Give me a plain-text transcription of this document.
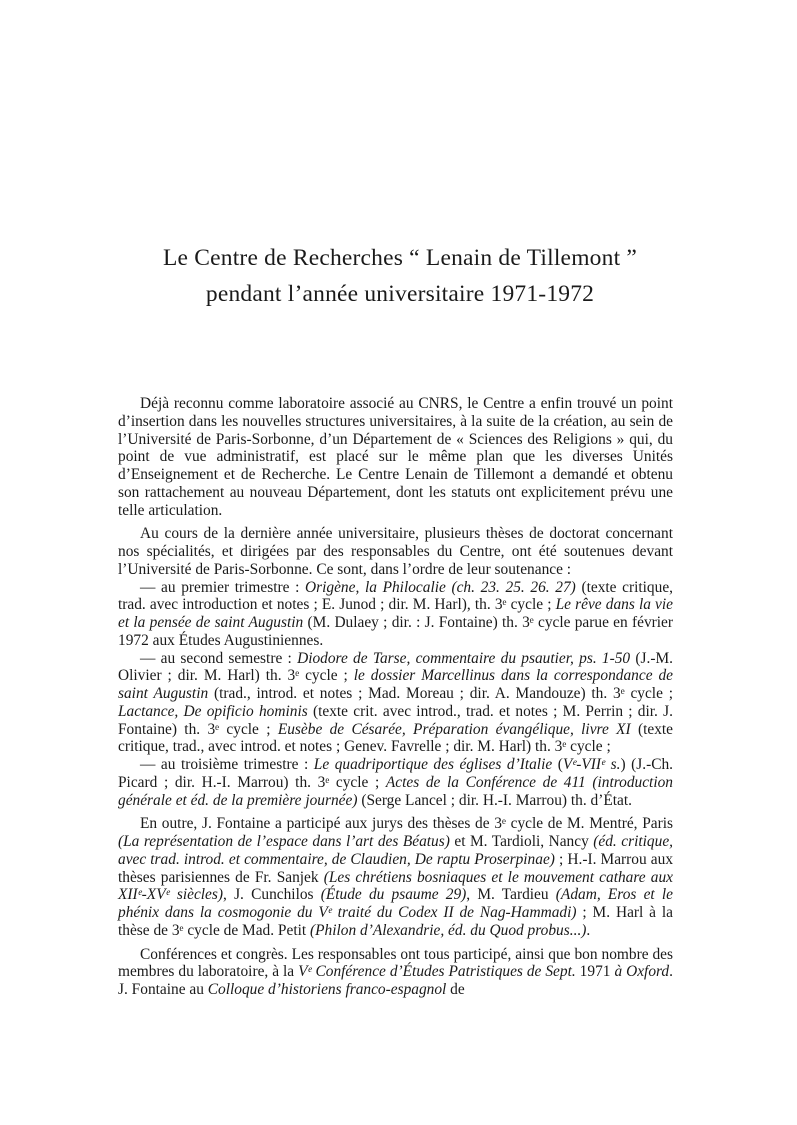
Le Centre de Recherches “ Lenain de Tillemont ”
pendant l’année universitaire 1971-1972

Déjà reconnu comme laboratoire associé au CNRS, le Centre a enfin trouvé un point d’insertion dans les nouvelles structures universitaires, à la suite de la création, au sein de l’Université de Paris-Sorbonne, d’un Département de « Sciences des Religions » qui, du point de vue administratif, est placé sur le même plan que les diverses Unités d’Enseignement et de Recherche. Le Centre Lenain de Tillemont a demandé et obtenu son rattachement au nouveau Département, dont les statuts ont explicitement prévu une telle articulation.

Au cours de la dernière année universitaire, plusieurs thèses de doctorat concernant nos spécialités, et dirigées par des responsables du Centre, ont été soutenues devant l’Université de Paris-Sorbonne. Ce sont, dans l’ordre de leur soutenance :

— au premier trimestre : Origène, la Philocalie (ch. 23. 25. 26. 27) (texte critique, trad. avec introduction et notes ; E. Junod ; dir. M. Harl), th. 3ᵉ cycle ; Le rêve dans la vie et la pensée de saint Augustin (M. Dulaey ; dir. : J. Fontaine) th. 3ᵉ cycle parue en février 1972 aux Études Augustiniennes.

— au second semestre : Diodore de Tarse, commentaire du psautier, ps. 1-50 (J.-M. Olivier ; dir. M. Harl) th. 3ᵉ cycle ; le dossier Marcellinus dans la correspondance de saint Augustin (trad., introd. et notes ; Mad. Moreau ; dir. A. Mandouze) th. 3ᵉ cycle ; Lactance, De opificio hominis (texte crit. avec introd., trad. et notes ; M. Perrin ; dir. J. Fontaine) th. 3ᵉ cycle ; Eusèbe de Césarée, Préparation évangélique, livre XI (texte critique, trad., avec introd. et notes ; Genev. Favrelle ; dir. M. Harl) th. 3ᵉ cycle ;

— au troisième trimestre : Le quadriportique des églises d’Italie (Vᵉ-VIIᵉ s.) (J.-Ch. Picard ; dir. H.-I. Marrou) th. 3ᵉ cycle ; Actes de la Conférence de 411 (introduction générale et éd. de la première journée) (Serge Lancel ; dir. H.-I. Marrou) th. d’État.

En outre, J. Fontaine a participé aux jurys des thèses de 3ᵉ cycle de M. Mentré, Paris (La représentation de l’espace dans l’art des Béatus) et M. Tardioli, Nancy (éd. critique, avec trad. introd. et commentaire, de Claudien, De raptu Proserpinae) ; H.-I. Marrou aux thèses parisiennes de Fr. Sanjek (Les chrétiens bosniaques et le mouvement cathare aux XIIᵉ-XVᵉ siècles), J. Cunchilos (Étude du psaume 29), M. Tardieu (Adam, Eros et le phénix dans la cosmogonie du Vᵉ traité du Codex II de Nag-Hammadi) ; M. Harl à la thèse de 3ᵉ cycle de Mad. Petit (Philon d’Alexandrie, éd. du Quod probus...).

Conférences et congrès. Les responsables ont tous participé, ainsi que bon nombre des membres du laboratoire, à la Vᵉ Conférence d’Études Patristiques de Sept. 1971 à Oxford. J. Fontaine au Colloque d’historiens franco-espagnol de
